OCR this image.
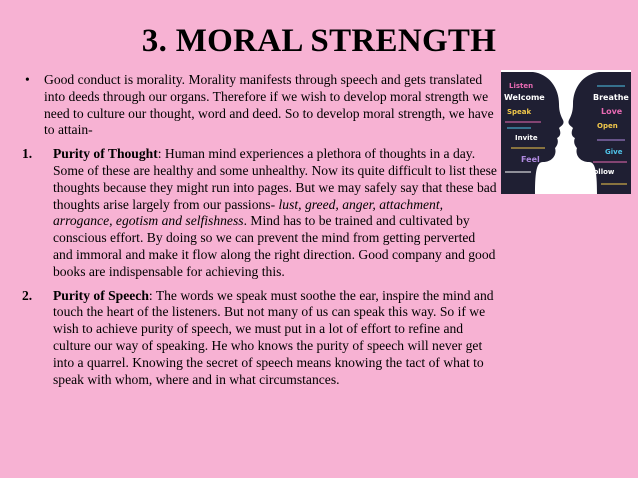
3. MORAL STRENGTH
• Good conduct is morality. Morality manifests through speech and gets translated into deeds through our organs. Therefore if we wish to develop moral strength we need to culture our thought, word and deed. So to develop moral strength, we have to attain-
1. Purity of Thought: Human mind experiences a plethora of thoughts in a day. Some of these are healthy and some unhealthy. Now its quite difficult to list these thoughts because they might run into pages. But we may safely say that these bad thoughts arise largely from our passions- lust, greed, anger, attachment, arrogance, egotism and selfishness. Mind has to be trained and cultivated by conscious effort. By doing so we can prevent the mind from getting perverted and immoral and make it flow along the right direction. Good company and good books are indispensable for achieving this.
2. Purity of Speech: The words we speak must soothe the ear, inspire the mind and touch the heart of the listeners. But not many of us can speak this way. So if we wish to achieve purity of speech, we must put in a lot of effort to refine and culture our way of speaking. He who knows the purity of speech will never get into a quarrel. Knowing the secret of speech means knowing the tact of what to speak with whom, where and in what circumstances.
Listen
Welcome
Speak
Invite
Feel
Breathe
Love
Open
Follow
Give
